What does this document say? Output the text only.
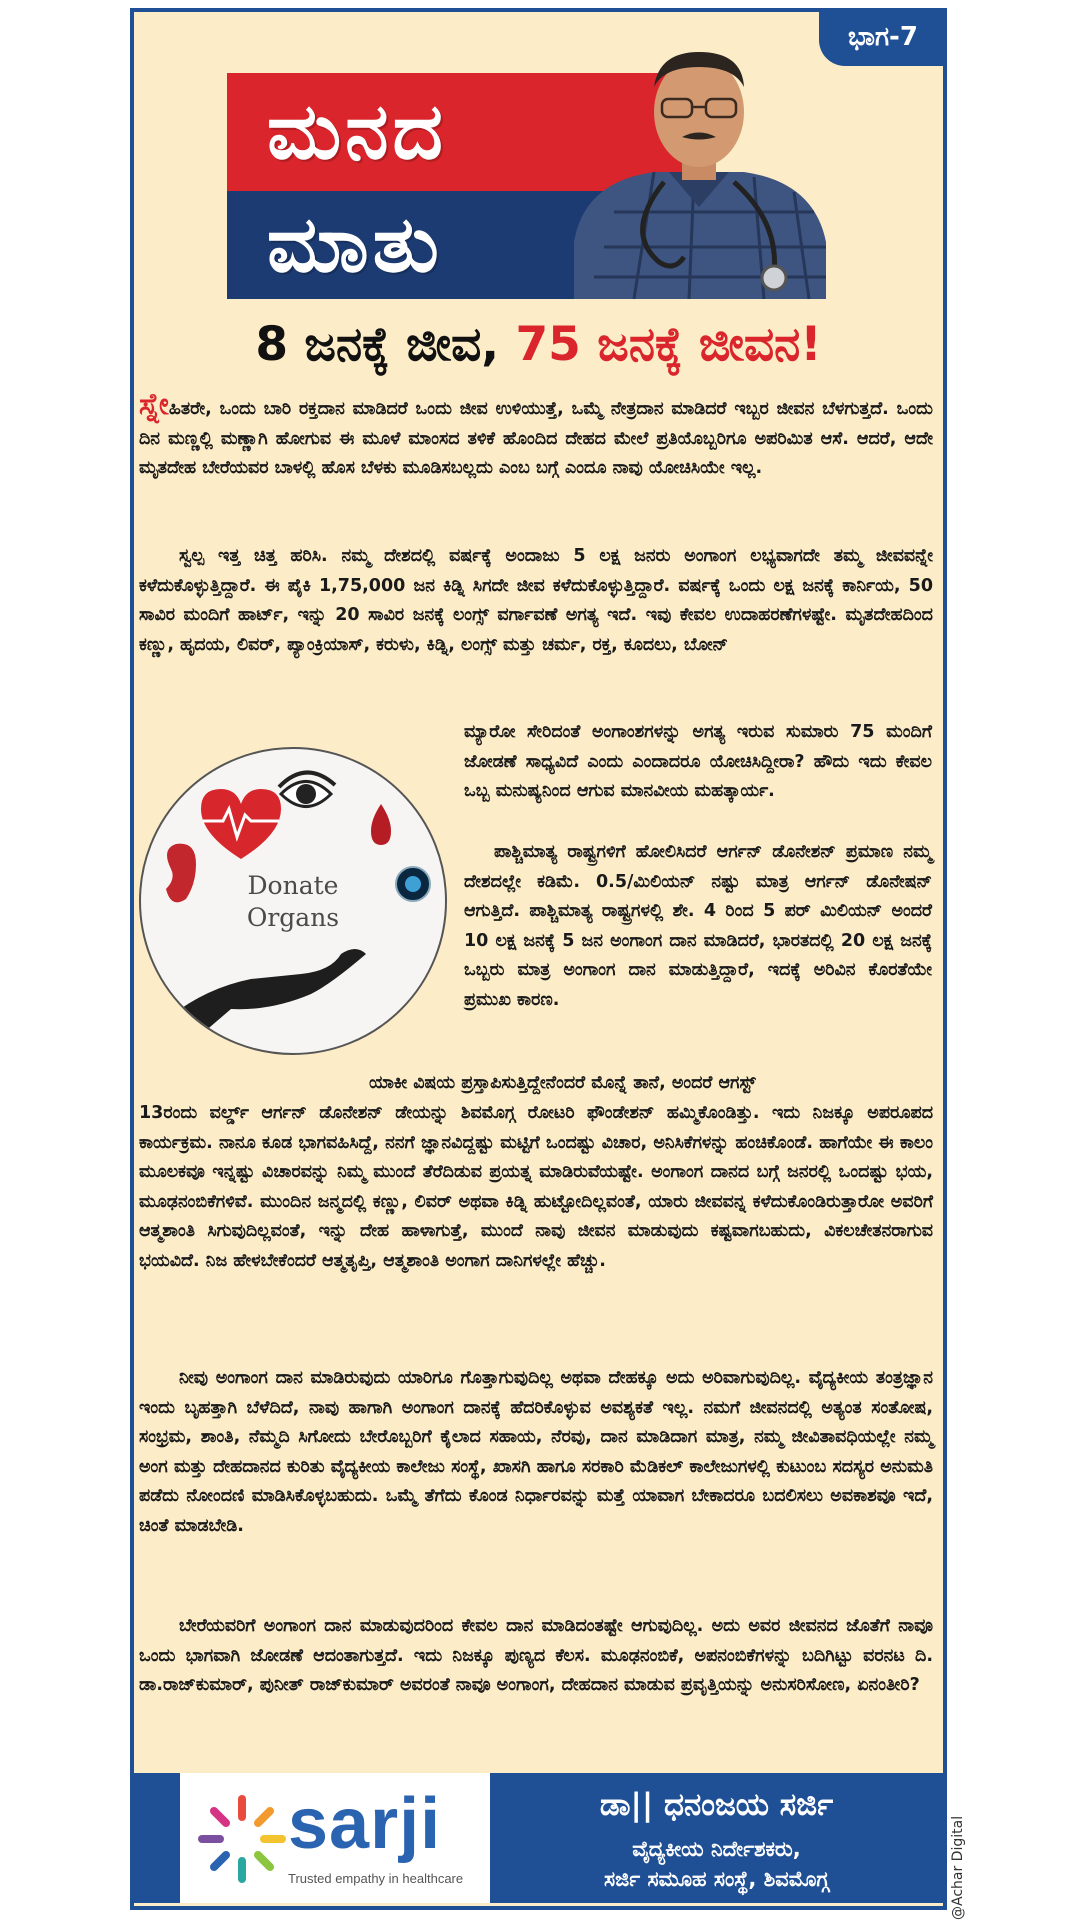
ಭಾಗ-7
ಮನದ
ಮಾತು
8 ಜನಕ್ಕೆ ಜೀವ, 75 ಜನಕ್ಕೆ ಜೀವನ!

ಸ್ನೇಹಿತರೇ, ಒಂದು ಬಾರಿ ರಕ್ತದಾನ ಮಾಡಿದರೆ ಒಂದು ಜೀವ ಉಳಿಯುತ್ತೆ, ಒಮ್ಮೆ ನೇತ್ರದಾನ ಮಾಡಿದರೆ ಇಬ್ಬರ ಜೀವನ ಬೆಳಗುತ್ತದೆ. ಒಂದು ದಿನ ಮಣ್ಣಲ್ಲಿ ಮಣ್ಣಾಗಿ ಹೋಗುವ ಈ ಮೂಳೆ ಮಾಂಸದ ತಳಿಕೆ ಹೊಂದಿದ ದೇಹದ ಮೇಲೆ ಪ್ರತಿಯೊಬ್ಬರಿಗೂ ಅಪರಿಮಿತ ಆಸೆ. ಆದರೆ, ಆದೇ ಮೃತದೇಹ ಬೇರೆಯವರ ಬಾಳಲ್ಲಿ ಹೊಸ ಬೆಳಕು ಮೂಡಿಸಬಲ್ಲದು ಎಂಬ ಬಗ್ಗೆ ಎಂದೂ ನಾವು ಯೋಚಿಸಿಯೇ ಇಲ್ಲ.

ಸ್ವಲ್ಪ ಇತ್ತ ಚಿತ್ತ ಹರಿಸಿ. ನಮ್ಮ ದೇಶದಲ್ಲಿ ವರ್ಷಕ್ಕೆ ಅಂದಾಜು 5 ಲಕ್ಷ ಜನರು ಅಂಗಾಂಗ ಲಭ್ಯವಾಗದೇ ತಮ್ಮ ಜೀವವನ್ನೇ ಕಳೆದುಕೊಳ್ಳುತ್ತಿದ್ದಾರೆ. ಈ ಪೈಕಿ 1,75,000 ಜನ ಕಿಡ್ನಿ ಸಿಗದೇ ಜೀವ ಕಳೆದುಕೊಳ್ಳುತ್ತಿದ್ದಾರೆ. ವರ್ಷಕ್ಕೆ ಒಂದು ಲಕ್ಷ ಜನಕ್ಕೆ ಕಾರ್ನಿಯ, 50 ಸಾವಿರ ಮಂದಿಗೆ ಹಾರ್ಟ್, ಇನ್ನು 20 ಸಾವಿರ ಜನಕ್ಕೆ ಲಂಗ್ಸ್ ವರ್ಗಾವಣೆ ಅಗತ್ಯ ಇದೆ. ಇವು ಕೇವಲ ಉದಾಹರಣೆಗಳಷ್ಟೇ. ಮೃತದೇಹದಿಂದ ಕಣ್ಣು, ಹೃದಯ, ಲಿವರ್, ಪ್ಯಾಂಕ್ರಿಯಾಸ್, ಕರುಳು, ಕಿಡ್ನಿ, ಲಂಗ್ಸ್ ಮತ್ತು ಚರ್ಮ, ರಕ್ತ, ಕೂದಲು, ಬೋನ್

ಮ್ಯಾರೋ ಸೇರಿದಂತೆ ಅಂಗಾಂಶಗಳನ್ನು ಅಗತ್ಯ ಇರುವ ಸುಮಾರು 75 ಮಂದಿಗೆ ಜೋಡಣೆ ಸಾಧ್ಯವಿದೆ ಎಂದು ಎಂದಾದರೂ ಯೋಚಿಸಿದ್ದೀರಾ? ಹೌದು ಇದು ಕೇವಲ ಒಬ್ಬ ಮನುಷ್ಯನಿಂದ ಆಗುವ ಮಾನವೀಯ ಮಹತ್ಕಾರ್ಯ.

Donate
Organs

ಪಾಶ್ಚಿಮಾತ್ಯ ರಾಷ್ಟ್ರಗಳಿಗೆ ಹೋಲಿಸಿದರೆ ಆರ್ಗನ್ ಡೊನೇಶನ್ ಪ್ರಮಾಣ ನಮ್ಮ ದೇಶದಲ್ಲೇ ಕಡಿಮೆ. 0.5/ಮಿಲಿಯನ್ ನಷ್ಟು ಮಾತ್ರ ಆರ್ಗನ್ ಡೊನೇಷನ್ ಆಗುತ್ತಿದೆ. ಪಾಶ್ಚಿಮಾತ್ಯ ರಾಷ್ಟ್ರಗಳಲ್ಲಿ ಶೇ. 4 ರಿಂದ 5 ಪರ್ ಮಿಲಿಯನ್ ಅಂದರೆ 10 ಲಕ್ಷ ಜನಕ್ಕೆ 5 ಜನ ಅಂಗಾಂಗ ದಾನ ಮಾಡಿದರೆ, ಭಾರತದಲ್ಲಿ 20 ಲಕ್ಷ ಜನಕ್ಕೆ ಒಬ್ಬರು ಮಾತ್ರ ಅಂಗಾಂಗ ದಾನ ಮಾಡುತ್ತಿದ್ದಾರೆ, ಇದಕ್ಕೆ ಅರಿವಿನ ಕೊರತೆಯೇ ಪ್ರಮುಖ ಕಾರಣ.

ಯಾಕೀ ವಿಷಯ ಪ್ರಸ್ತಾಪಿಸುತ್ತಿದ್ದೇನೆಂದರೆ ಮೊನ್ನೆ ತಾನೆ, ಅಂದರೆ ಆಗಸ್ಟ್

13ರಂದು ವರ್ಲ್ಡ್ ಆರ್ಗನ್ ಡೊನೇಶನ್ ಡೇಯನ್ನು ಶಿವಮೊಗ್ಗ ರೋಟರಿ ಫೌಂಡೇಶನ್ ಹಮ್ಮಿಕೊಂಡಿತ್ತು. ಇದು ನಿಜಕ್ಕೂ ಅಪರೂಪದ ಕಾರ್ಯಕ್ರಮ. ನಾನೂ ಕೂಡ ಭಾಗವಹಿಸಿದ್ದೆ, ನನಗೆ ಜ್ಞಾನವಿದ್ದಷ್ಟು ಮಟ್ಟಿಗೆ ಒಂದಷ್ಟು ವಿಚಾರ, ಅನಿಸಿಕೆಗಳನ್ನು ಹಂಚಿಕೊಂಡೆ. ಹಾಗೆಯೇ ಈ ಕಾಲಂ ಮೂಲಕವೂ ಇನ್ನಷ್ಟು ವಿಚಾರವನ್ನು ನಿಮ್ಮ ಮುಂದೆ ತೆರೆದಿಡುವ ಪ್ರಯತ್ನ ಮಾಡಿರುವೆಯಷ್ಟೇ. ಅಂಗಾಂಗ ದಾನದ ಬಗ್ಗೆ ಜನರಲ್ಲಿ ಒಂದಷ್ಟು ಭಯ, ಮೂಢನಂಬಿಕೆಗಳಿವೆ. ಮುಂದಿನ ಜನ್ಮದಲ್ಲಿ ಕಣ್ಣು, ಲಿವರ್ ಅಥವಾ ಕಿಡ್ನಿ ಹುಟ್ಟೋದಿಲ್ಲವಂತೆ, ಯಾರು ಜೀವವನ್ನ ಕಳೆದುಕೊಂಡಿರುತ್ತಾರೋ ಅವರಿಗೆ ಆತ್ಮಶಾಂತಿ ಸಿಗುವುದಿಲ್ಲವಂತೆ, ಇನ್ನು ದೇಹ ಹಾಳಾಗುತ್ತೆ, ಮುಂದೆ ನಾವು ಜೀವನ ಮಾಡುವುದು ಕಷ್ಟವಾಗಬಹುದು, ವಿಕಲಚೇತನರಾಗುವ ಭಯವಿದೆ. ನಿಜ ಹೇಳಬೇಕೆಂದರೆ ಆತ್ಮತೃಪ್ತಿ, ಆತ್ಮಶಾಂತಿ ಅಂಗಾಗ ದಾನಿಗಳಲ್ಲೇ ಹೆಚ್ಚು.

ನೀವು ಅಂಗಾಂಗ ದಾನ ಮಾಡಿರುವುದು ಯಾರಿಗೂ ಗೊತ್ತಾಗುವುದಿಲ್ಲ ಅಥವಾ ದೇಹಕ್ಕೂ ಅದು ಅರಿವಾಗುವುದಿಲ್ಲ. ವೈದ್ಯಕೀಯ ತಂತ್ರಜ್ಞಾನ ಇಂದು ಬೃಹತ್ತಾಗಿ ಬೆಳೆದಿದೆ, ನಾವು ಹಾಗಾಗಿ ಅಂಗಾಂಗ ದಾನಕ್ಕೆ ಹೆದರಿಕೊಳ್ಳುವ ಅವಶ್ಯಕತೆ ಇಲ್ಲ. ನಮಗೆ ಜೀವನದಲ್ಲಿ ಅತ್ಯಂತ ಸಂತೋಷ, ಸಂಭ್ರಮ, ಶಾಂತಿ, ನೆಮ್ಮದಿ ಸಿಗೋದು ಬೇರೊಬ್ಬರಿಗೆ ಕೈಲಾದ ಸಹಾಯ, ನೆರವು, ದಾನ ಮಾಡಿದಾಗ ಮಾತ್ರ, ನಮ್ಮ ಜೀವಿತಾವಧಿಯಲ್ಲೇ ನಮ್ಮ ಅಂಗ ಮತ್ತು ದೇಹದಾನದ ಕುರಿತು ವೈದ್ಯಕೀಯ ಕಾಲೇಜು ಸಂಸ್ಥೆ, ಖಾಸಗಿ ಹಾಗೂ ಸರಕಾರಿ ಮೆಡಿಕಲ್ ಕಾಲೇಜುಗಳಲ್ಲಿ ಕುಟುಂಬ ಸದಸ್ಯರ ಅನುಮತಿ ಪಡೆದು ನೋಂದಣಿ ಮಾಡಿಸಿಕೊಳ್ಳಬಹುದು. ಒಮ್ಮೆ ತೆಗೆದು ಕೊಂಡ ನಿರ್ಧಾರವನ್ನು ಮತ್ತೆ ಯಾವಾಗ ಬೇಕಾದರೂ ಬದಲಿಸಲು ಅವಕಾಶವೂ ಇದೆ, ಚಿಂತೆ ಮಾಡಬೇಡಿ.

ಬೇರೆಯವರಿಗೆ ಅಂಗಾಂಗ ದಾನ ಮಾಡುವುದರಿಂದ ಕೇವಲ ದಾನ ಮಾಡಿದಂತಷ್ಟೇ ಆಗುವುದಿಲ್ಲ. ಅದು ಅವರ ಜೀವನದ ಜೊತೆಗೆ ನಾವೂ ಒಂದು ಭಾಗವಾಗಿ ಜೋಡಣೆ ಆದಂತಾಗುತ್ತದೆ. ಇದು ನಿಜಕ್ಕೂ ಪುಣ್ಯದ ಕೆಲಸ. ಮೂಢನಂಬಿಕೆ, ಅಪನಂಬಿಕೆಗಳನ್ನು ಬದಿಗಿಟ್ಟು ವರನಟ ದಿ. ಡಾ.ರಾಜ್‌ಕುಮಾರ್, ಪುನೀತ್ ರಾಜ್‌ಕುಮಾರ್ ಅವರಂತೆ ನಾವೂ ಅಂಗಾಂಗ, ದೇಹದಾನ ಮಾಡುವ ಪ್ರವೃತ್ತಿಯನ್ನು ಅನುಸರಿಸೋಣ, ಏನಂತೀರಿ?

sarji
Trusted empathy in healthcare
ಡಾ|| ಧನಂಜಯ ಸರ್ಜಿ
ವೈದ್ಯಕೀಯ ನಿರ್ದೇಶಕರು,
ಸರ್ಜಿ ಸಮೂಹ ಸಂಸ್ಥೆ, ಶಿವಮೊಗ್ಗ	@Achar Digital
